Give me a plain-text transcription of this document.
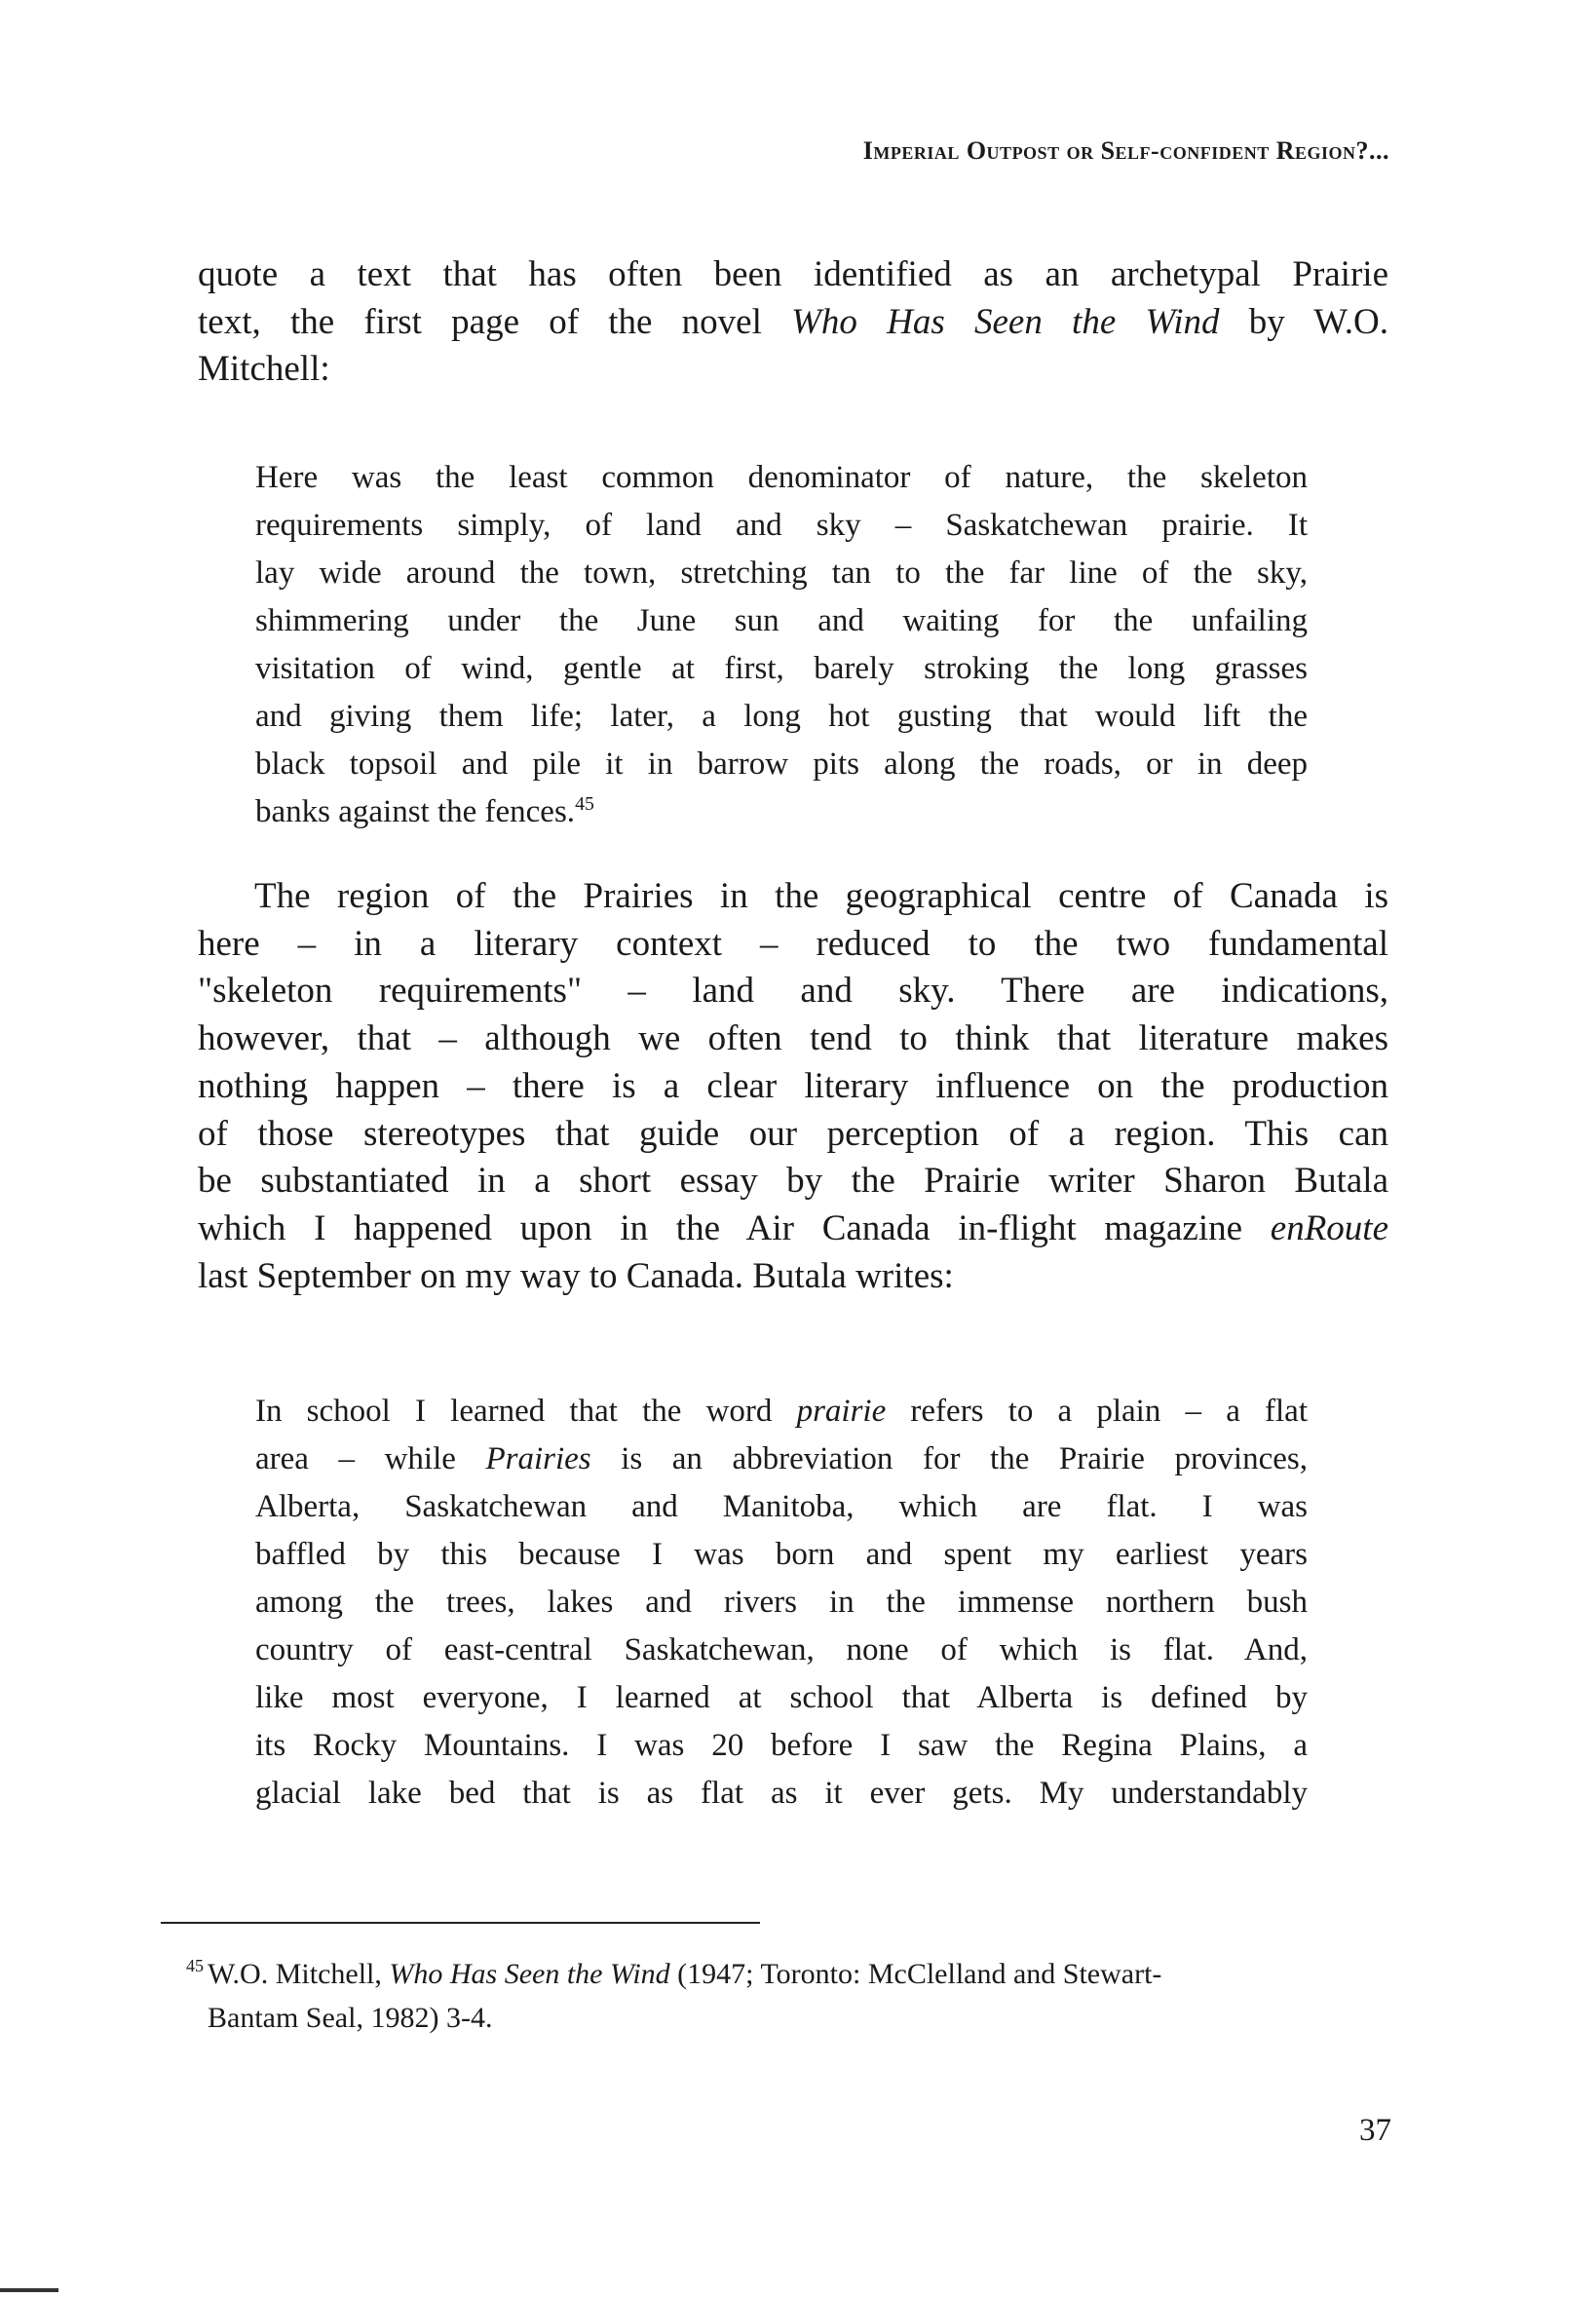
Imperial Outpost or Self-confident Region?...

quote a text that has often been identified as an archetypal Prairie
text, the first page of the novel Who Has Seen the Wind by W.O.
Mitchell:

Here was the least common denominator of nature, the skeleton
requirements simply, of land and sky – Saskatchewan prairie. It
lay wide around the town, stretching tan to the far line of the sky,
shimmering under the June sun and waiting for the unfailing
visitation of wind, gentle at first, barely stroking the long grasses
and giving them life; later, a long hot gusting that would lift the
black topsoil and pile it in barrow pits along the roads, or in deep
banks against the fences.$^{45}$

The region of the Prairies in the geographical centre of Canada is
here – in a literary context – reduced to the two fundamental
"skeleton requirements" – land and sky. There are indications,
however, that – although we often tend to think that literature makes
nothing happen – there is a clear literary influence on the production
of those stereotypes that guide our perception of a region. This can
be substantiated in a short essay by the Prairie writer Sharon Butala
which I happened upon in the Air Canada in-flight magazine enRoute
last September on my way to Canada. Butala writes:

In school I learned that the word prairie refers to a plain – a flat
area – while Prairies is an abbreviation for the Prairie provinces,
Alberta, Saskatchewan and Manitoba, which are flat. I was
baffled by this because I was born and spent my earliest years
among the trees, lakes and rivers in the immense northern bush
country of east-central Saskatchewan, none of which is flat. And,
like most everyone, I learned at school that Alberta is defined by
its Rocky Mountains. I was 20 before I saw the Regina Plains, a
glacial lake bed that is as flat as it ever gets. My understandably

45 W.O. Mitchell, Who Has Seen the Wind (1947; Toronto: McClelland and Stewart-
Bantam Seal, 1982) 3-4.

37
